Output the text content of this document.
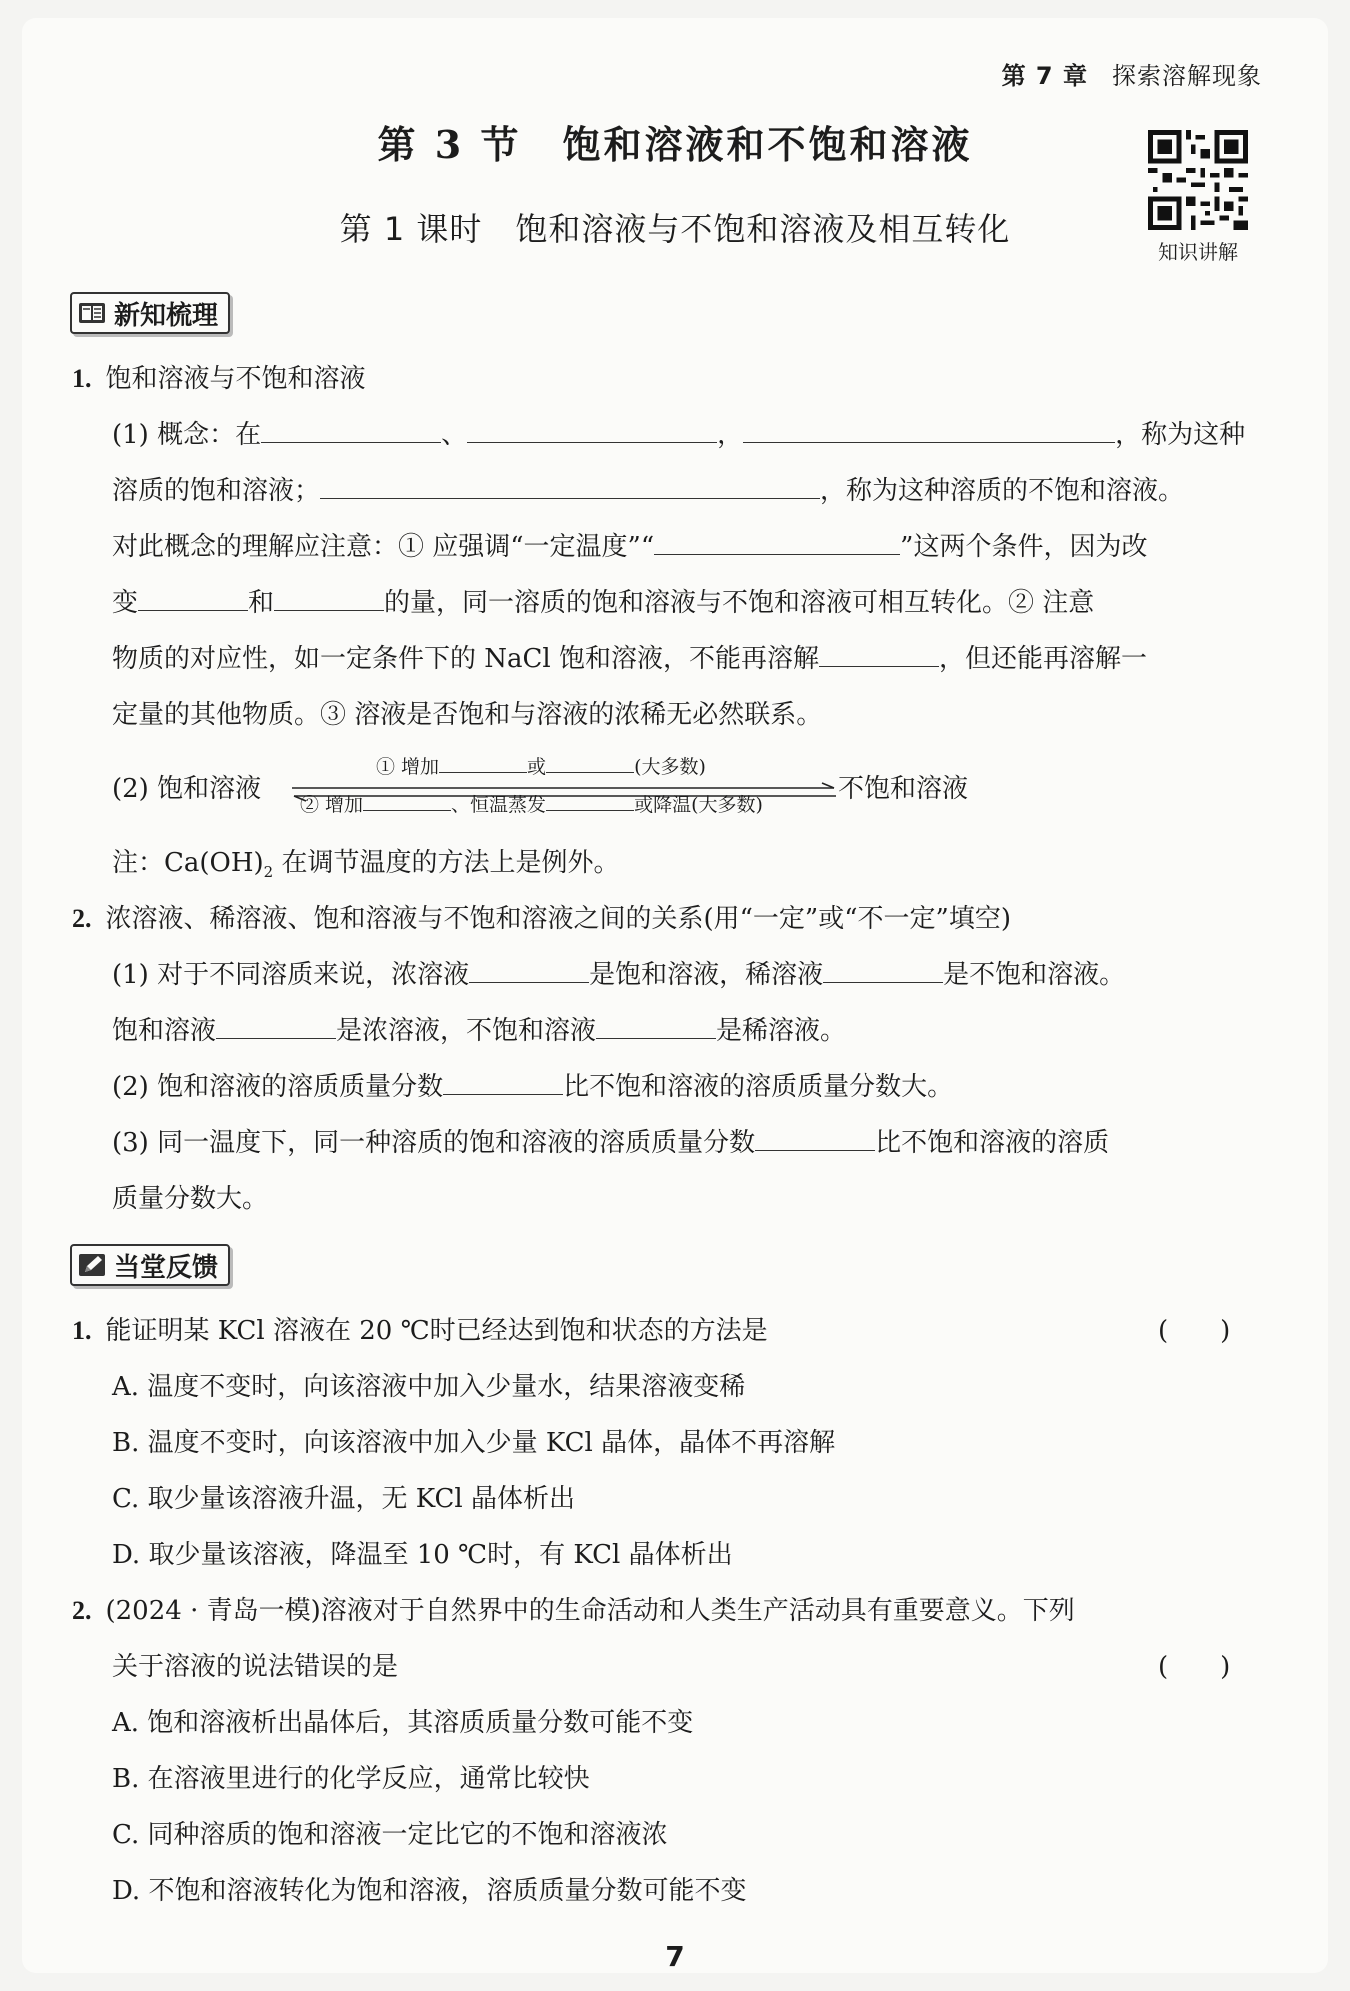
第 7 章 探索溶解现象
第 3 节　饱和溶液和不饱和溶液
第 1 课时　饱和溶液与不饱和溶液及相互转化
知识讲解
新知梳理
1. 饱和溶液与不饱和溶液
(1) 概念：在	、	，	，称为这种
溶质的饱和溶液；	，称为这种溶质的不饱和溶液。
对此概念的理解应注意：① 应强调“一定温度”“	”这两个条件，因为改
变	和	的量，同一溶质的饱和溶液与不饱和溶液可相互转化。② 注意
物质的对应性，如一定条件下的 NaCl 饱和溶液，不能再溶解	，但还能再溶解一
定量的其他物质。③ 溶液是否饱和与溶液的浓稀无必然联系。
(2) 饱和溶液	不饱和溶液
① 增加	或	(大多数)
② 增加	、恒温蒸发	或降温(大多数)
注：$Ca(OH)_2$ 在调节温度的方法上是例外。
2. 浓溶液、稀溶液、饱和溶液与不饱和溶液之间的关系(用“一定”或“不一定”填空)
(1) 对于不同溶质来说，浓溶液	是饱和溶液，稀溶液	是不饱和溶液。
饱和溶液	是浓溶液，不饱和溶液	是稀溶液。
(2) 饱和溶液的溶质质量分数	比不饱和溶液的溶质质量分数大。
(3) 同一温度下，同一种溶质的饱和溶液的溶质质量分数	比不饱和溶液的溶质
质量分数大。
当堂反馈
1. 能证明某 KCl 溶液在 20 ℃时已经达到饱和状态的方法是	(　　)
A. 温度不变时，向该溶液中加入少量水，结果溶液变稀
B. 温度不变时，向该溶液中加入少量 KCl 晶体，晶体不再溶解
C. 取少量该溶液升温，无 KCl 晶体析出
D. 取少量该溶液，降温至 10 ℃时，有 KCl 晶体析出
2. (2024 · 青岛一模)溶液对于自然界中的生命活动和人类生产活动具有重要意义。下列
关于溶液的说法错误的是	(　　)
A. 饱和溶液析出晶体后，其溶质质量分数可能不变
B. 在溶液里进行的化学反应，通常比较快
C. 同种溶质的饱和溶液一定比它的不饱和溶液浓
D. 不饱和溶液转化为饱和溶液，溶质质量分数可能不变
7
